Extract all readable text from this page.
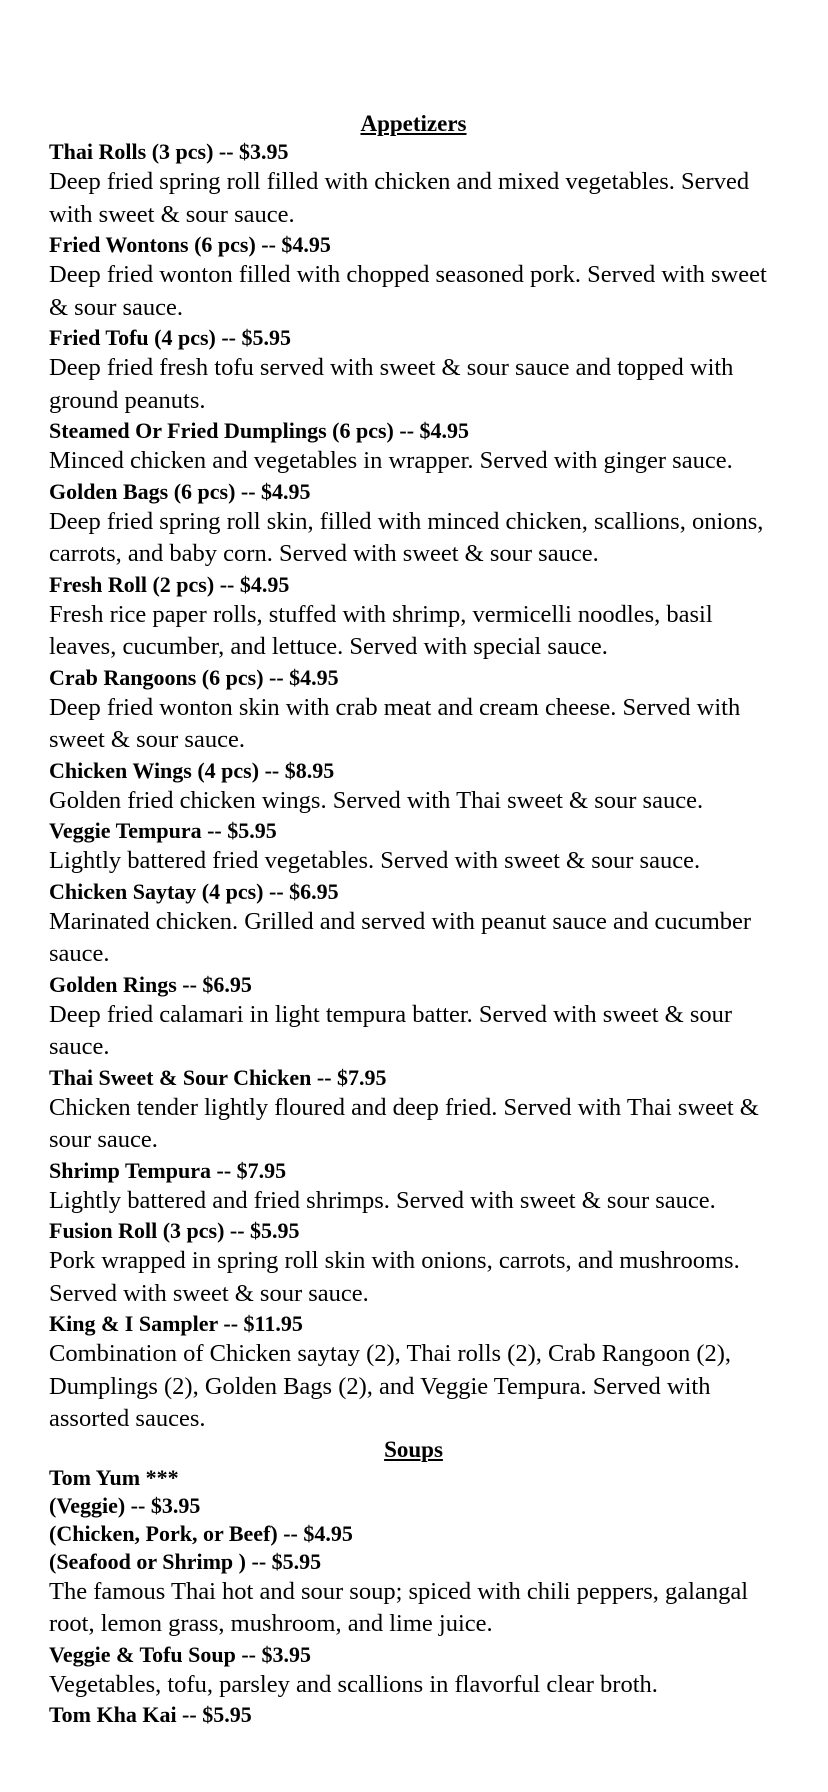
Appetizers

Thai Rolls (3 pcs) -- $3.95

Deep fried spring roll filled with chicken and mixed vegetables. Served with sweet & sour sauce.

Fried Wontons (6 pcs) -- $4.95

Deep fried wonton filled with chopped seasoned pork. Served with sweet & sour sauce.

Fried Tofu (4 pcs) -- $5.95

Deep fried fresh tofu served with sweet & sour sauce and topped with ground peanuts.

Steamed Or Fried Dumplings (6 pcs) -- $4.95

Minced chicken and vegetables in wrapper. Served with ginger sauce.

Golden Bags (6 pcs) -- $4.95

Deep fried spring roll skin, filled with minced chicken, scallions, onions, carrots, and baby corn. Served with sweet & sour sauce.

Fresh Roll (2 pcs) -- $4.95

Fresh rice paper rolls, stuffed with shrimp, vermicelli noodles, basil leaves, cucumber, and lettuce. Served with special sauce.

Crab Rangoons (6 pcs) -- $4.95

Deep fried wonton skin with crab meat and cream cheese. Served with sweet & sour sauce.

Chicken Wings (4 pcs) -- $8.95

Golden fried chicken wings. Served with Thai sweet & sour sauce.

Veggie Tempura -- $5.95

Lightly battered fried vegetables. Served with sweet & sour sauce.

Chicken Saytay (4 pcs) -- $6.95

Marinated chicken. Grilled and served with peanut sauce and cucumber sauce.

Golden Rings -- $6.95

Deep fried calamari in light tempura batter. Served with sweet & sour sauce.

Thai Sweet & Sour Chicken -- $7.95

Chicken tender lightly floured and deep fried. Served with Thai sweet & sour sauce.

Shrimp Tempura -- $7.95

Lightly battered and fried shrimps. Served with sweet & sour sauce.

Fusion Roll (3 pcs) -- $5.95

Pork wrapped in spring roll skin with onions, carrots, and mushrooms. Served with sweet & sour sauce.

King & I Sampler -- $11.95

Combination of Chicken saytay (2), Thai rolls (2), Crab Rangoon (2), Dumplings (2), Golden Bags (2), and Veggie Tempura. Served with assorted sauces.

Soups

Tom Yum ***

(Veggie) -- $3.95

(Chicken, Pork, or Beef) -- $4.95

(Seafood or Shrimp ) -- $5.95

The famous Thai hot and sour soup; spiced with chili peppers, galangal root, lemon grass, mushroom, and lime juice.

Veggie & Tofu Soup -- $3.95

Vegetables, tofu, parsley and scallions in flavorful clear broth.

Tom Kha Kai -- $5.95
